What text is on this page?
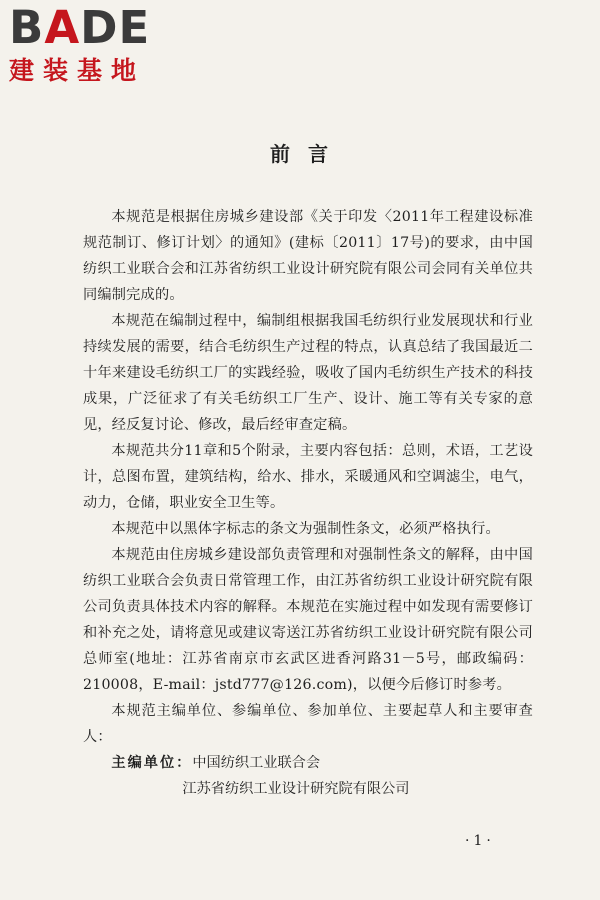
BADE
建装基地
前言

本规范是根据住房城乡建设部《关于印发〈2011年工程建设标准规范制订、修订计划〉的通知》(建标〔2011〕17号)的要求，由中国纺织工业联合会和江苏省纺织工业设计研究院有限公司会同有关单位共同编制完成的。

本规范在编制过程中，编制组根据我国毛纺织行业发展现状和行业持续发展的需要，结合毛纺织生产过程的特点，认真总结了我国最近二十年来建设毛纺织工厂的实践经验，吸收了国内毛纺织生产技术的科技成果，广泛征求了有关毛纺织工厂生产、设计、施工等有关专家的意见，经反复讨论、修改，最后经审查定稿。

本规范共分11章和5个附录，主要内容包括：总则，术语，工艺设计，总图布置，建筑结构，给水、排水，采暖通风和空调滤尘，电气，动力，仓储，职业安全卫生等。

本规范中以黑体字标志的条文为强制性条文，必须严格执行。

本规范由住房城乡建设部负责管理和对强制性条文的解释，由中国纺织工业联合会负责日常管理工作，由江苏省纺织工业设计研究院有限公司负责具体技术内容的解释。本规范在实施过程中如发现有需要修订和补充之处，请将意见或建议寄送江苏省纺织工业设计研究院有限公司总师室(地址：江苏省南京市玄武区进香河路31－5号，邮政编码：210008，E-mail：jstd777@126.com)，以便今后修订时参考。

本规范主编单位、参编单位、参加单位、主要起草人和主要审查人：

主编单位： 中国纺织工业联合会
江苏省纺织工业设计研究院有限公司
·1·
